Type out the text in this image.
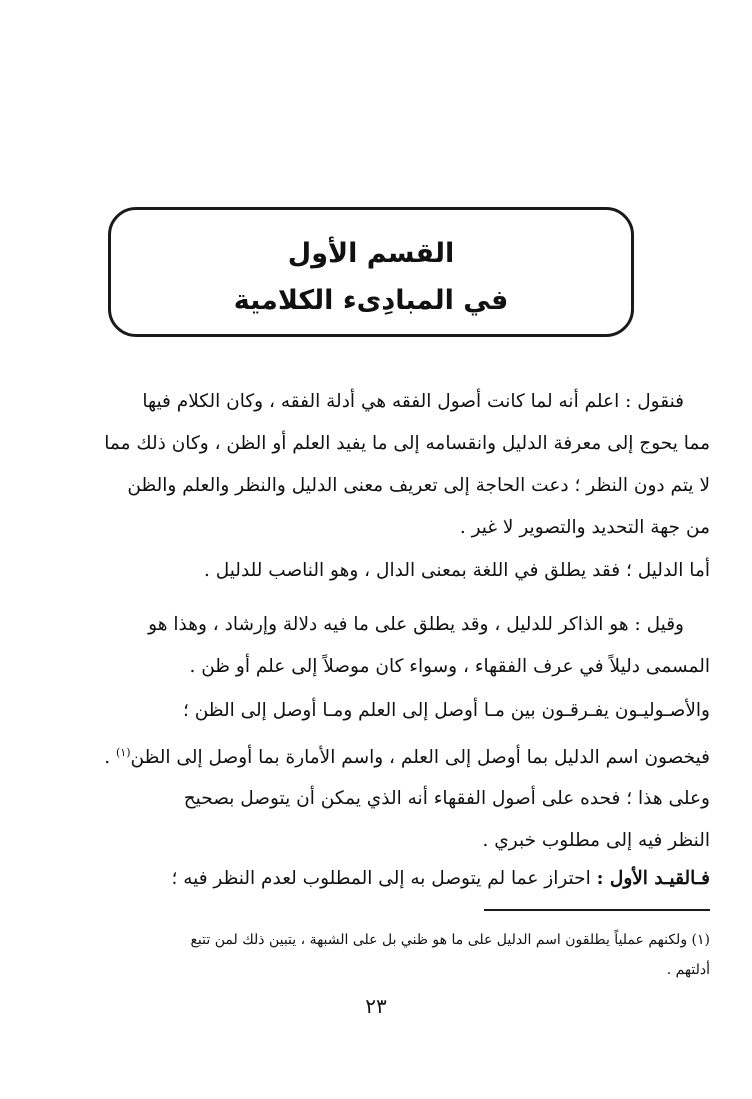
القسم الأول
في المبادِىء الكلامية
فنقول : اعلم أنه لما كانت أصول الفقه هي أدلة الفقه ، وكان الكلام فيها
مما يحوج إلى معرفة الدليل وانقسامه إلى ما يفيد العلم أو الظن ، وكان ذلك مما
لا يتم دون النظر ؛ دعت الحاجة إلى تعريف معنى الدليل والنظر والعلم والظن
من جهة التحديد والتصوير لا غير .
أما الدليل ؛ فقد يطلق في اللغة بمعنى الدال ، وهو الناصب للدليل .
وقيل : هو الذاكر للدليل ، وقد يطلق على ما فيه دلالة وإرشاد ، وهذا هو
المسمى دليلاً في عرف الفقهاء ، وسواء كان موصلاً إلى علم أو ظن .
والأصـوليـون يفـرقـون بين مـا أوصل إلى العلم ومـا أوصل إلى الظن ؛
فيخصون اسم الدليل بما أوصل إلى العلم ، واسم الأمارة بما أوصل إلى الظن$^{(١)}$ .
وعلى هذا ؛ فحده على أصول الفقهاء أنه الذي يمكن أن يتوصل بصحيح
النظر فيه إلى مطلوب خبري .
فـالقيـد الأول : احتراز عما لم يتوصل به إلى المطلوب لعدم النظر فيه ؛
(١) ولكنهم عملياً يطلقون اسم الدليل على ما هو ظني بل على الشبهة ، يتبين ذلك لمن تتبع
أدلتهم .
٢٣
